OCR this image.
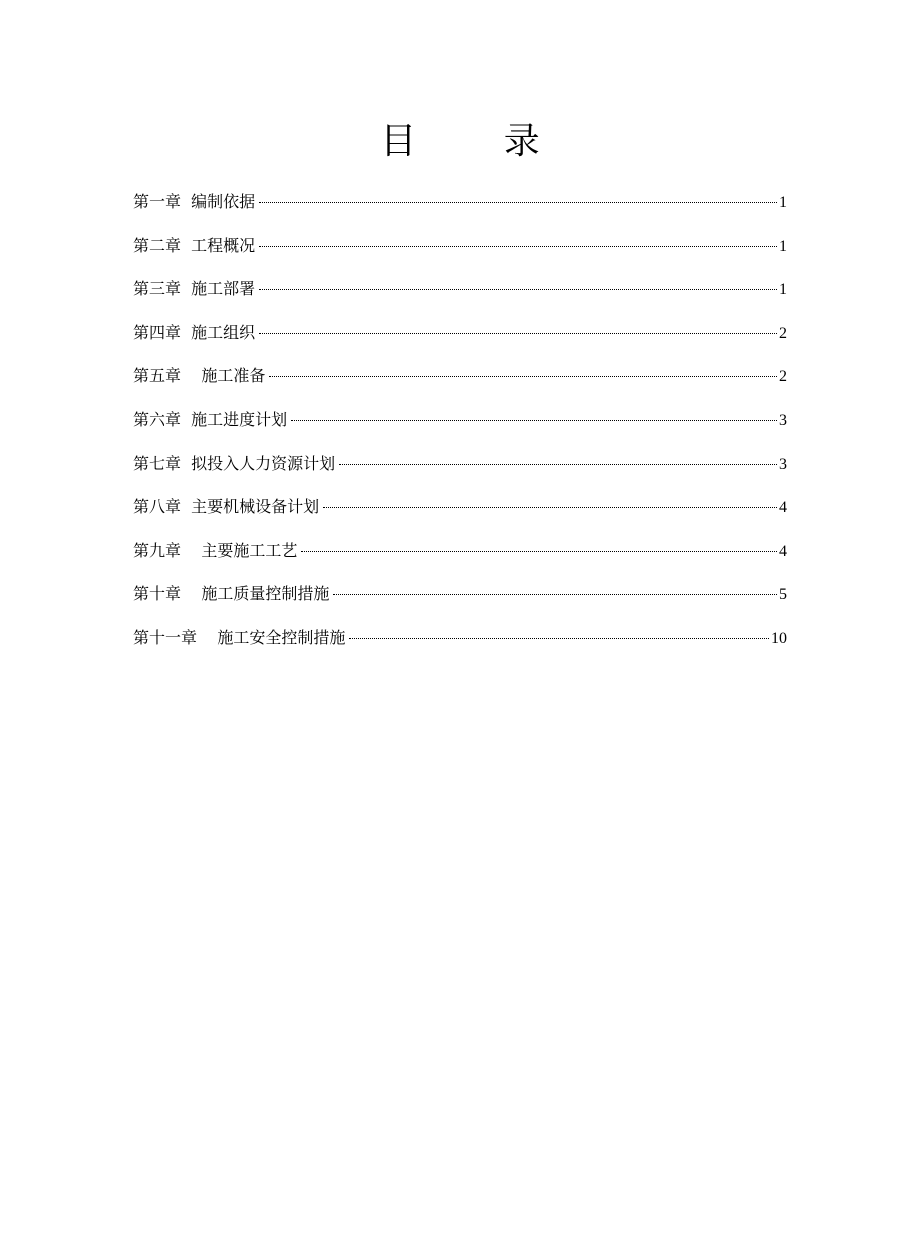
目 录
第一章  编制依据	1
第二章  工程概况	1
第三章  施工部署	1
第四章  施工组织	2
第五章    施工准备	2
第六章  施工进度计划	3
第七章  拟投入人力资源计划	3
第八章  主要机械设备计划	4
第九章    主要施工工艺	4
第十章    施工质量控制措施	5
第十一章    施工安全控制措施	10
